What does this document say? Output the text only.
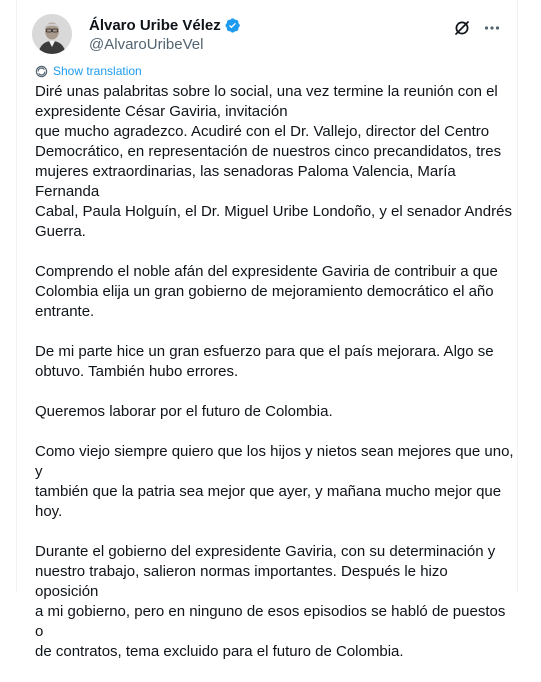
Álvaro Uribe Vélez
@AlvaroUribeVel
Show translation

Diré unas palabritas sobre lo social, una vez termine la reunión con el
expresidente César Gaviria, invitación
que mucho agradezco. Acudiré con el Dr. Vallejo, director del Centro
Democrático, en representación de nuestros cinco precandidatos, tres
mujeres extraordinarias, las senadoras Paloma Valencia, María Fernanda
Cabal, Paula Holguín, el Dr. Miguel Uribe Londoño, y el senador Andrés
Guerra.

Comprendo el noble afán del expresidente Gaviria de contribuir a que
Colombia elija un gran gobierno de mejoramiento democrático el año
entrante.

De mi parte hice un gran esfuerzo para que el país mejorara. Algo se
obtuvo. También hubo errores.

Queremos laborar por el futuro de Colombia.

Como viejo siempre quiero que los hijos y nietos sean mejores que uno, y
también que la patria sea mejor que ayer, y mañana mucho mejor que
hoy.

Durante el gobierno del expresidente Gaviria, con su determinación y
nuestro trabajo, salieron normas importantes. Después le hizo oposición
a mi gobierno, pero en ninguno de esos episodios se habló de puestos o
de contratos, tema excluido para el futuro de Colombia.
